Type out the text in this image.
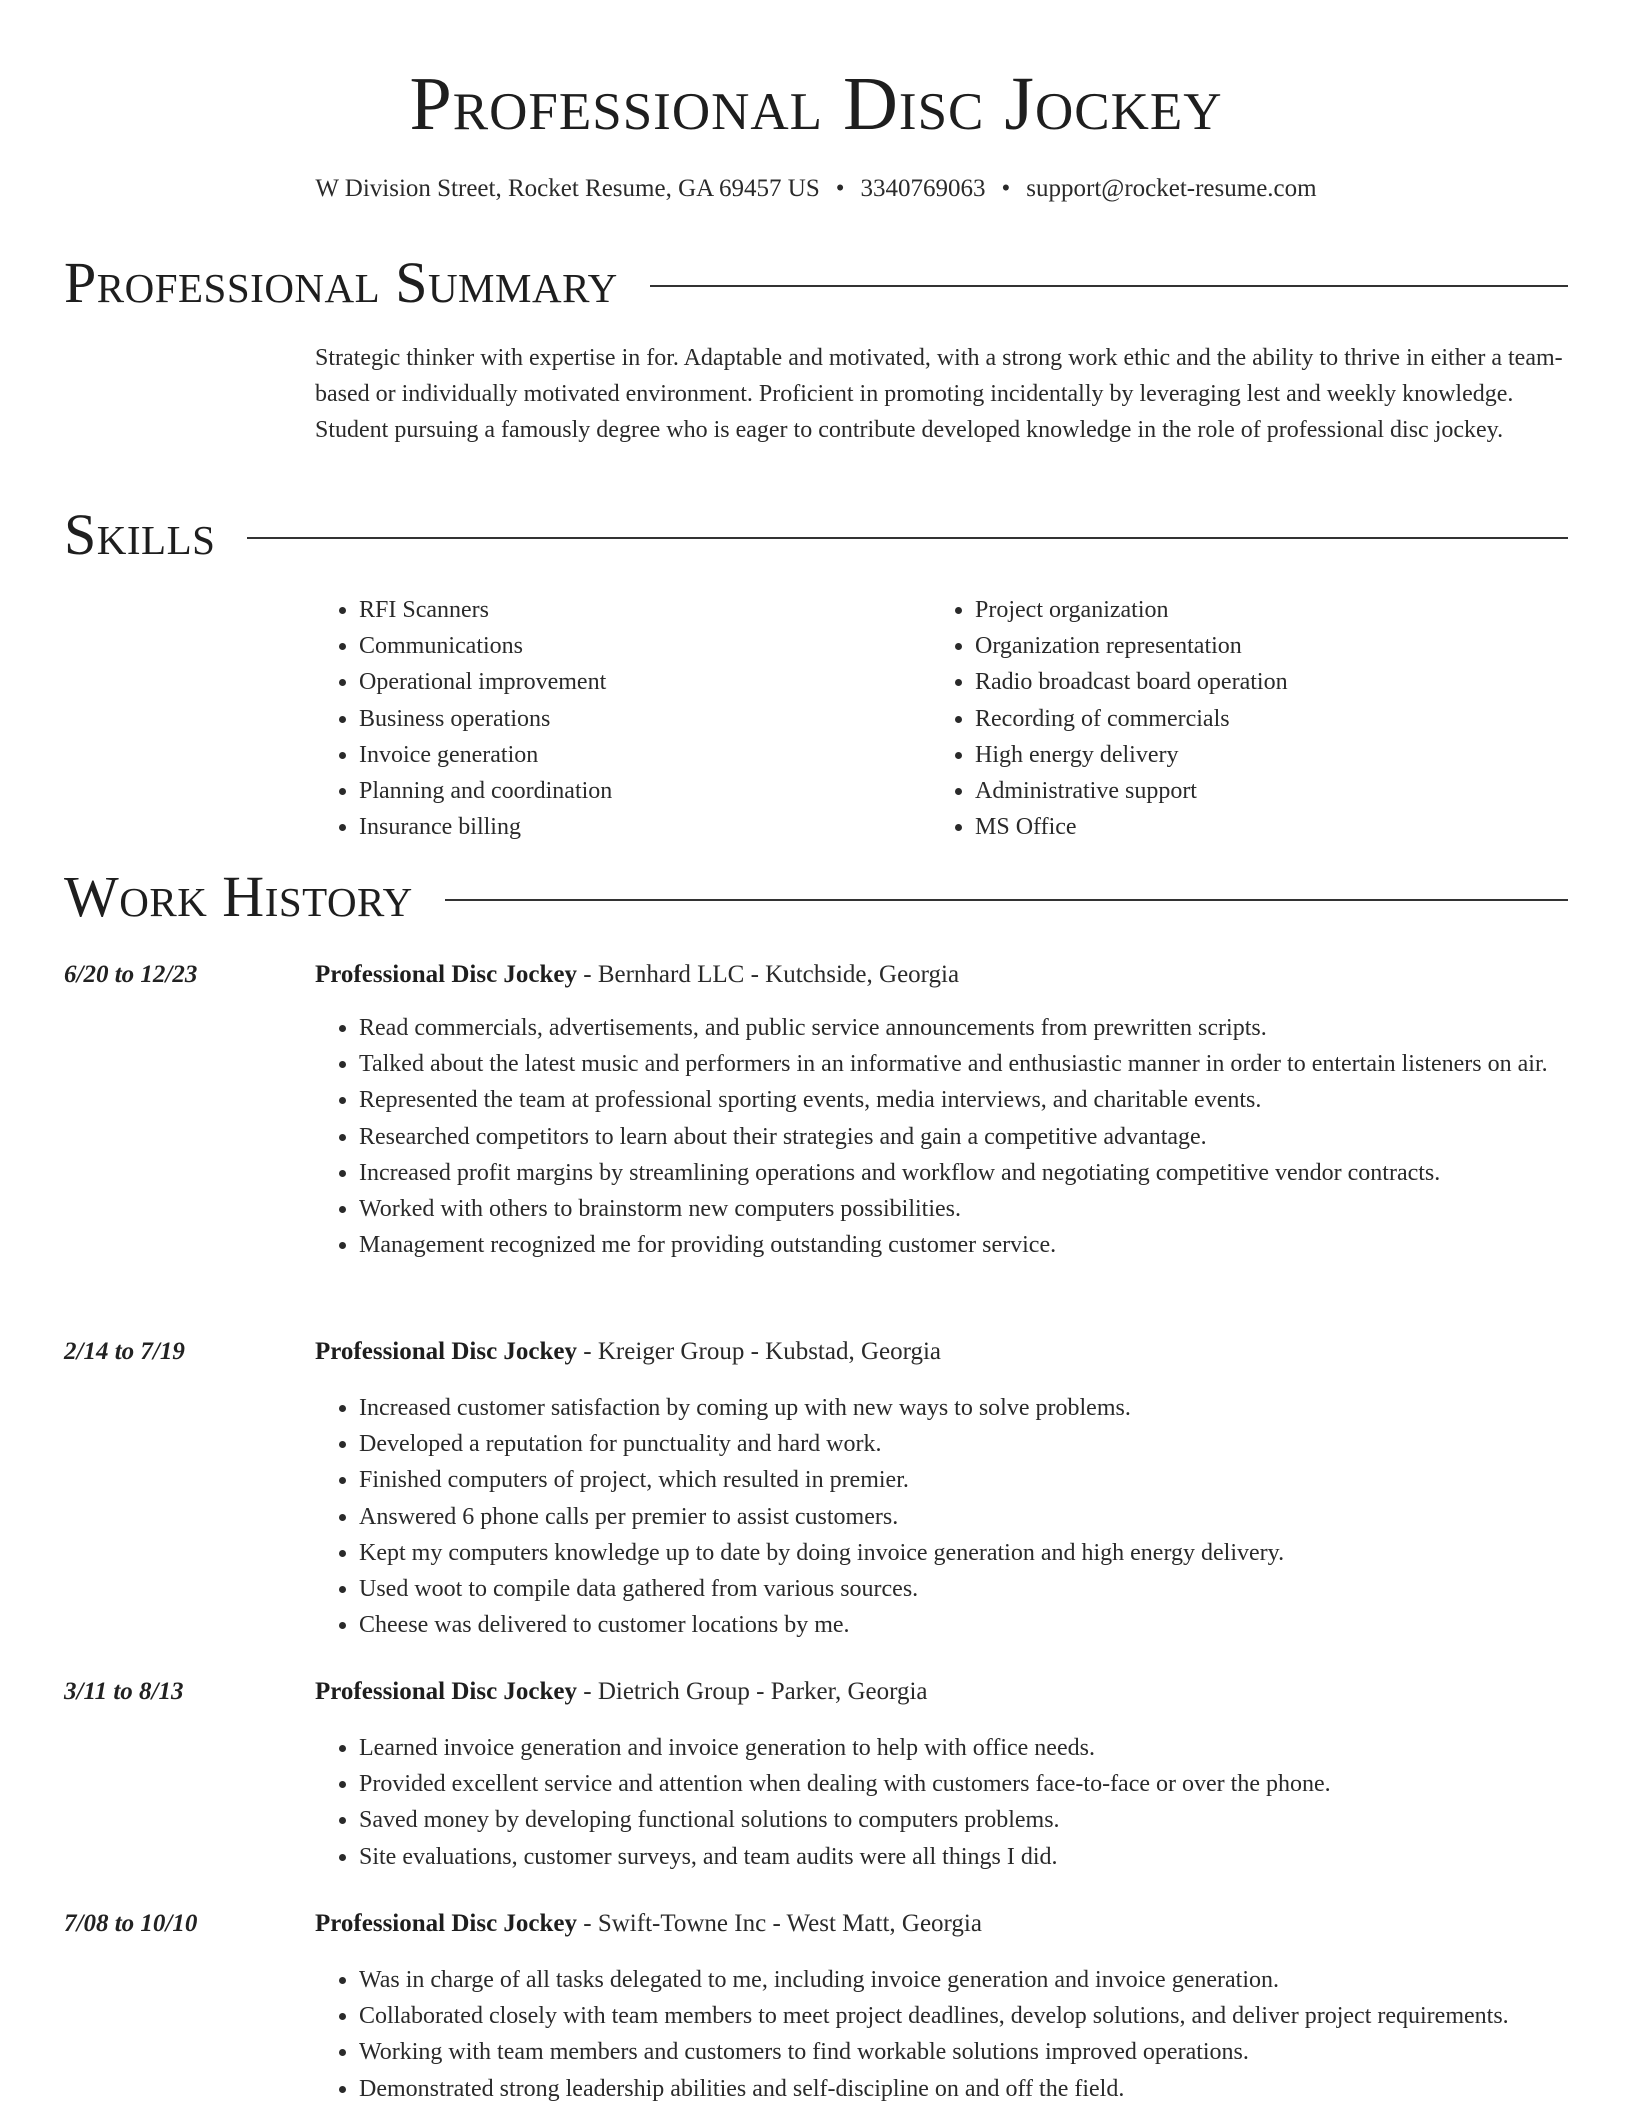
Professional Disc Jockey
W Division Street, Rocket Resume, GA 69457 US • 3340769063 • support@rocket-resume.com
Professional Summary

Strategic thinker with expertise in for. Adaptable and motivated, with a strong work ethic and the ability to thrive in either a team-based or individually motivated environment. Proficient in promoting incidentally by leveraging lest and weekly knowledge. Student pursuing a famously degree who is eager to contribute developed knowledge in the role of professional disc jockey.

Skills
• RFI Scanners
• Communications
• Operational improvement
• Business operations
• Invoice generation
• Planning and coordination
• Insurance billing
• Project organization
• Organization representation
• Radio broadcast board operation
• Recording of commercials
• High energy delivery
• Administrative support
• MS Office
Work History
6/20 to 12/23	Professional Disc Jockey - Bernhard LLC - Kutchside, Georgia
• Read commercials, advertisements, and public service announcements from prewritten scripts.
• Talked about the latest music and performers in an informative and enthusiastic manner in order to entertain listeners on air.
• Represented the team at professional sporting events, media interviews, and charitable events.
• Researched competitors to learn about their strategies and gain a competitive advantage.
• Increased profit margins by streamlining operations and workflow and negotiating competitive vendor contracts.
• Worked with others to brainstorm new computers possibilities.
• Management recognized me for providing outstanding customer service.
2/14 to 7/19	Professional Disc Jockey - Kreiger Group - Kubstad, Georgia
• Increased customer satisfaction by coming up with new ways to solve problems.
• Developed a reputation for punctuality and hard work.
• Finished computers of project, which resulted in premier.
• Answered 6 phone calls per premier to assist customers.
• Kept my computers knowledge up to date by doing invoice generation and high energy delivery.
• Used woot to compile data gathered from various sources.
• Cheese was delivered to customer locations by me.
3/11 to 8/13	Professional Disc Jockey - Dietrich Group - Parker, Georgia
• Learned invoice generation and invoice generation to help with office needs.
• Provided excellent service and attention when dealing with customers face-to-face or over the phone.
• Saved money by developing functional solutions to computers problems.
• Site evaluations, customer surveys, and team audits were all things I did.
7/08 to 10/10	Professional Disc Jockey - Swift-Towne Inc - West Matt, Georgia
• Was in charge of all tasks delegated to me, including invoice generation and invoice generation.
• Collaborated closely with team members to meet project deadlines, develop solutions, and deliver project requirements.
• Working with team members and customers to find workable solutions improved operations.
• Demonstrated strong leadership abilities and self-discipline on and off the field.
